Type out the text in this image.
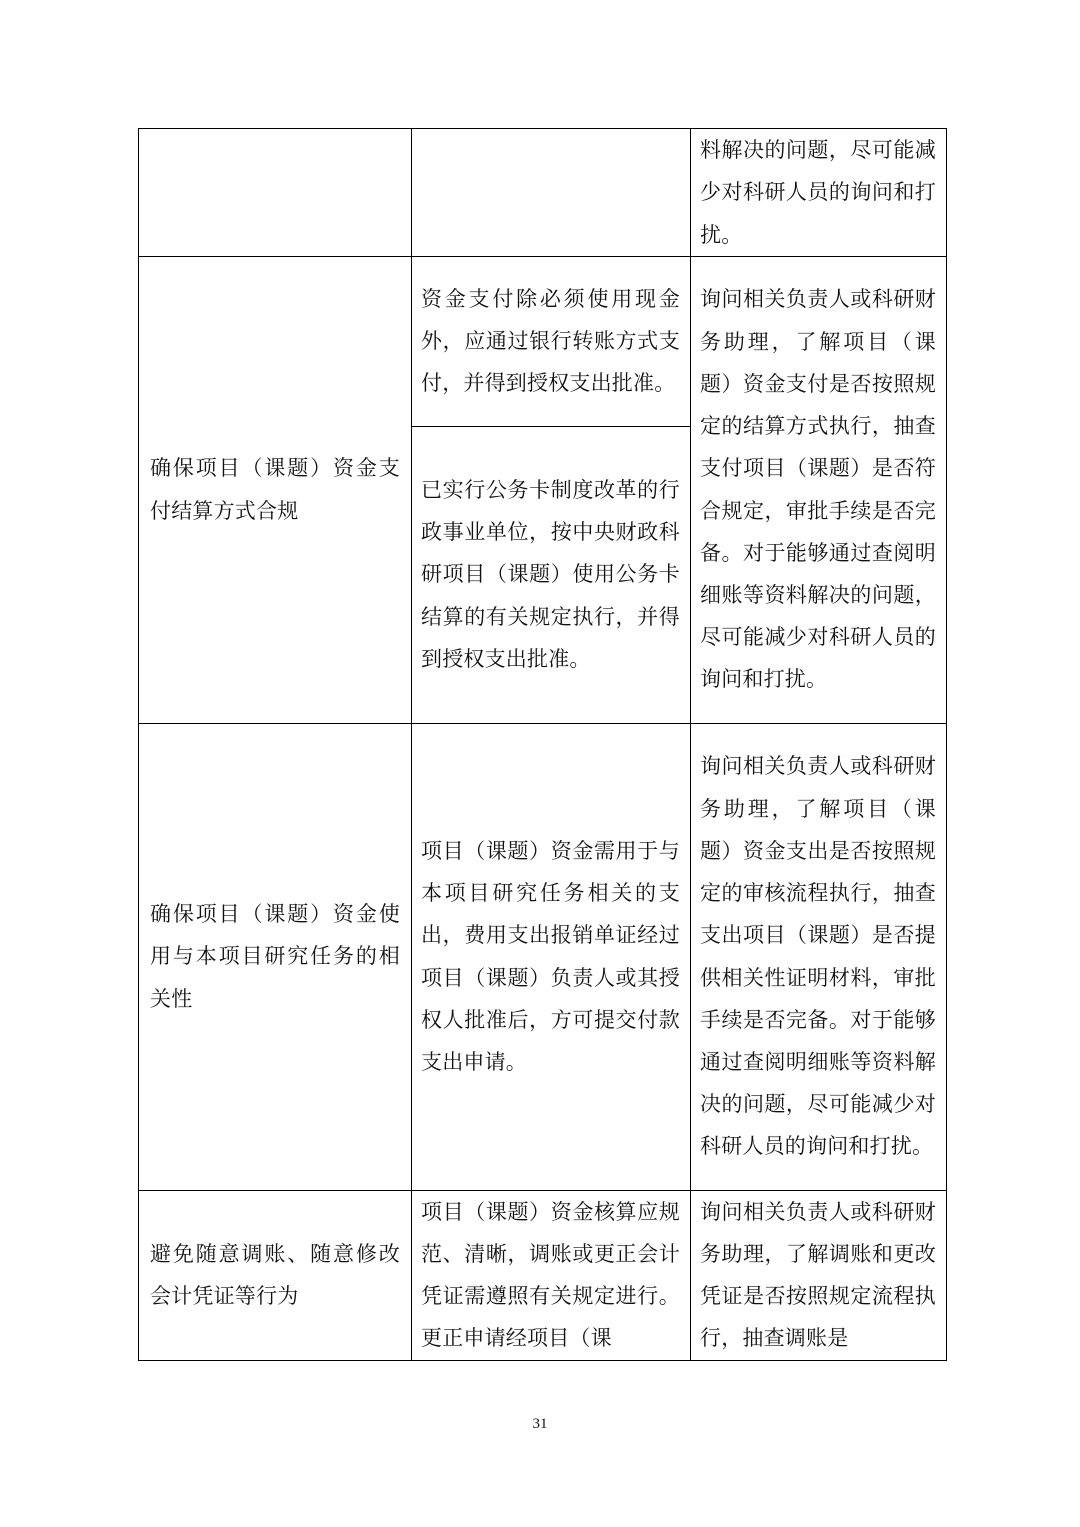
料解决的问题，尽可能减少对科研人员的询问和打扰。

确保项目（课题）资金支付结算方式合规

资金支付除必须使用现金外，应通过银行转账方式支付，并得到授权支出批准。

已实行公务卡制度改革的行政事业单位，按中央财政科研项目（课题）使用公务卡结算的有关规定执行，并得到授权支出批准。

询问相关负责人或科研财务助理，了解项目（课题）资金支付是否按照规定的结算方式执行，抽查支付项目（课题）是否符合规定，审批手续是否完备。对于能够通过查阅明细账等资料解决的问题，尽可能减少对科研人员的询问和打扰。

确保项目（课题）资金使用与本项目研究任务的相关性

项目（课题）资金需用于与本项目研究任务相关的支出，费用支出报销单证经过项目（课题）负责人或其授权人批准后，方可提交付款支出申请。

询问相关负责人或科研财务助理，了解项目（课题）资金支出是否按照规定的审核流程执行，抽查支出项目（课题）是否提供相关性证明材料，审批手续是否完备。对于能够通过查阅明细账等资料解决的问题，尽可能减少对科研人员的询问和打扰。

避免随意调账、随意修改会计凭证等行为

项目（课题）资金核算应规范、清晰，调账或更正会计凭证需遵照有关规定进行。更正申请经项目（课

询问相关负责人或科研财务助理，了解调账和更改凭证是否按照规定流程执行，抽查调账是

31
